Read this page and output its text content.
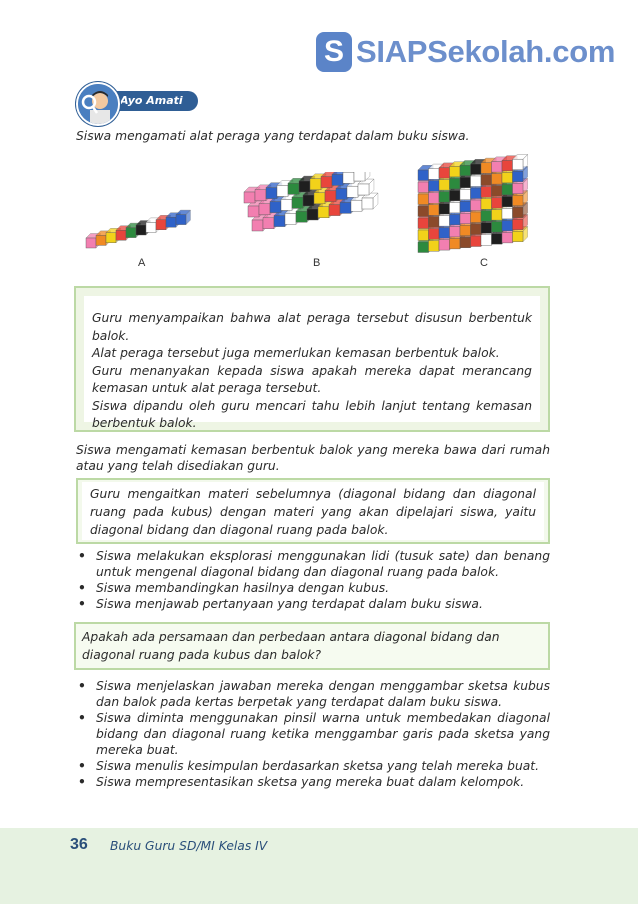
S SIAPSekolah.com
Ayo Amati
Siswa mengamati alat peraga yang terdapat dalam buku siswa.
A	B	C
Guru menyampaikan bahwa alat peraga tersebut disusun berbentuk balok.
Alat peraga tersebut juga memerlukan kemasan berbentuk balok.
Guru menanyakan kepada siswa apakah mereka dapat merancang kemasan untuk alat peraga tersebut.
Siswa dipandu oleh guru mencari tahu lebih lanjut tentang kemasan berbentuk balok.
Siswa mengamati kemasan berbentuk balok yang mereka bawa dari rumah atau yang telah disediakan guru.
Guru mengaitkan materi sebelumnya (diagonal bidang dan diagonal ruang pada kubus) dengan materi yang akan dipelajari siswa, yaitu diagonal bidang dan diagonal ruang pada balok.
• Siswa melakukan eksplorasi menggunakan lidi (tusuk sate) dan benang untuk mengenal diagonal bidang dan diagonal ruang pada balok.
• Siswa membandingkan hasilnya dengan kubus.
• Siswa menjawab pertanyaan yang terdapat dalam buku siswa.
Apakah ada persamaan dan perbedaan antara diagonal bidang dan diagonal ruang pada kubus dan balok?
• Siswa menjelaskan jawaban mereka dengan menggambar sketsa kubus dan balok pada kertas berpetak yang terdapat dalam buku siswa.
• Siswa diminta menggunakan pinsil warna untuk membedakan diagonal bidang dan diagonal ruang ketika menggambar garis pada sketsa yang mereka buat.
• Siswa menulis kesimpulan berdasarkan sketsa yang telah mereka buat.
• Siswa mempresentasikan sketsa yang mereka buat dalam kelompok.
36 Buku Guru SD/MI Kelas IV
